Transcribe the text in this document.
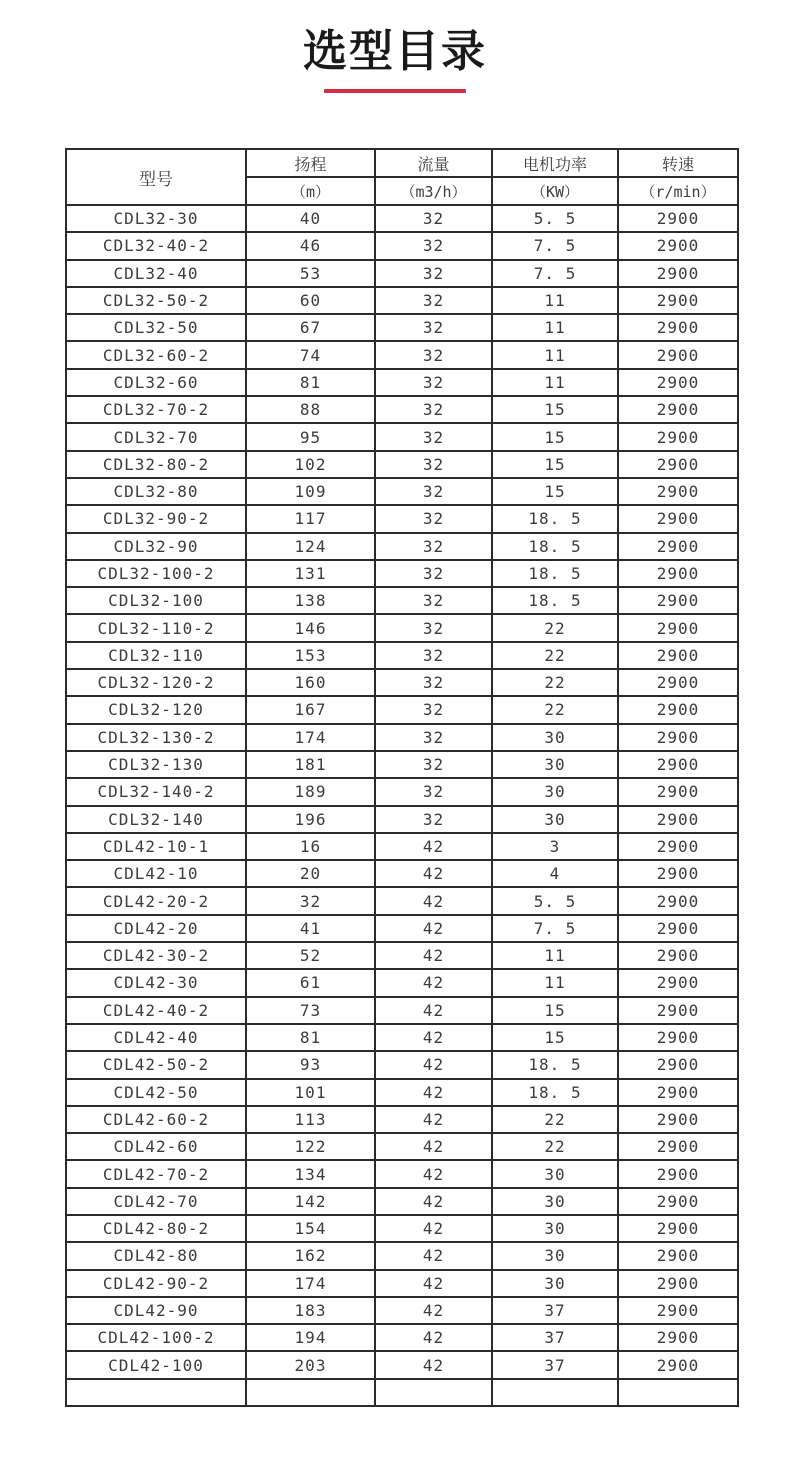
选型目录
型号	扬程	流量	电机功率	转速
	（m）	（m3/h）	（KW）	（r/min）
CDL32-30	40	32	5. 5	2900
CDL32-40-2	46	32	7. 5	2900
CDL32-40	53	32	7. 5	2900
CDL32-50-2	60	32	11	2900
CDL32-50	67	32	11	2900
CDL32-60-2	74	32	11	2900
CDL32-60	81	32	11	2900
CDL32-70-2	88	32	15	2900
CDL32-70	95	32	15	2900
CDL32-80-2	102	32	15	2900
CDL32-80	109	32	15	2900
CDL32-90-2	117	32	18. 5	2900
CDL32-90	124	32	18. 5	2900
CDL32-100-2	131	32	18. 5	2900
CDL32-100	138	32	18. 5	2900
CDL32-110-2	146	32	22	2900
CDL32-110	153	32	22	2900
CDL32-120-2	160	32	22	2900
CDL32-120	167	32	22	2900
CDL32-130-2	174	32	30	2900
CDL32-130	181	32	30	2900
CDL32-140-2	189	32	30	2900
CDL32-140	196	32	30	2900
CDL42-10-1	16	42	3	2900
CDL42-10	20	42	4	2900
CDL42-20-2	32	42	5. 5	2900
CDL42-20	41	42	7. 5	2900
CDL42-30-2	52	42	11	2900
CDL42-30	61	42	11	2900
CDL42-40-2	73	42	15	2900
CDL42-40	81	42	15	2900
CDL42-50-2	93	42	18. 5	2900
CDL42-50	101	42	18. 5	2900
CDL42-60-2	113	42	22	2900
CDL42-60	122	42	22	2900
CDL42-70-2	134	42	30	2900
CDL42-70	142	42	30	2900
CDL42-80-2	154	42	30	2900
CDL42-80	162	42	30	2900
CDL42-90-2	174	42	30	2900
CDL42-90	183	42	37	2900
CDL42-100-2	194	42	37	2900
CDL42-100	203	42	37	2900
